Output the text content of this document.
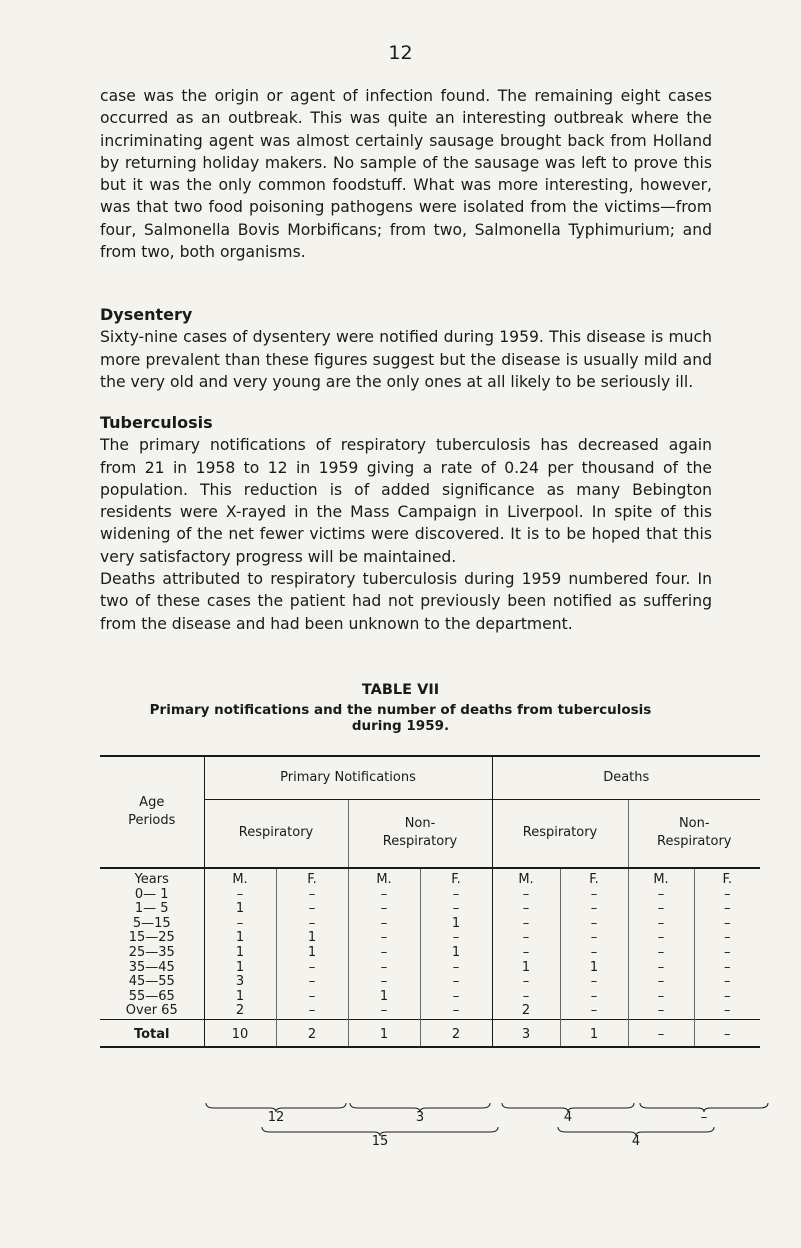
12

case was the origin or agent of infection found. The remaining eight cases occurred as an outbreak. This was quite an interesting outbreak where the incriminating agent was almost certainly sausage brought back from Holland by returning holiday makers. No sample of the sausage was left to prove this but it was the only common foodstuff. What was more interesting, however, was that two food poisoning pathogens were isolated from the victims—from four, Salmonella Bovis Morbificans; from two, Salmonella Typhimurium; and from two, both organisms.

Dysentery

Sixty-nine cases of dysentery were notified during 1959. This disease is much more prevalent than these figures suggest but the disease is usually mild and the very old and very young are the only ones at all likely to be seriously ill.

Tuberculosis

The primary notifications of respiratory tuberculosis has decreased again from 21 in 1958 to 12 in 1959 giving a rate of 0.24 per thousand of the population. This reduction is of added significance as many Bebington residents were X-rayed in the Mass Campaign in Liverpool. In spite of this widening of the net fewer victims were discovered. It is to be hoped that this very satisfactory progress will be maintained.

Deaths attributed to respiratory tuberculosis during 1959 numbered four. In two of these cases the patient had not previously been notified as suffering from the disease and had been unknown to the department.

TABLE VII
Primary notifications and the number of deaths from tuberculosis
during 1959.
Age Periods	Primary Notifications				Deaths			
	Respiratory		Non-Respiratory		Respiratory		Non-Respiratory	

Years	M.	F.	M.	F.	M.	F.	M.	F.
0— 1	–	–	–	–	–	–	–	–
1— 5	1	–	–	–	–	–	–	–
5—15	–	–	–	1	–	–	–	–
15—25	1	1	–	–	–	–	–	–
25—35	1	1	–	1	–	–	–	–
35—45	1	–	–	–	1	1	–	–
45—55	3	–	–	–	–	–	–	–
55—65	1	–	1	–	–	–	–	–
Over 65	2	–	–	–	2	–	–	–
Total	10	2	1	2	3	1	–	–

12	3	4	–
15	4
